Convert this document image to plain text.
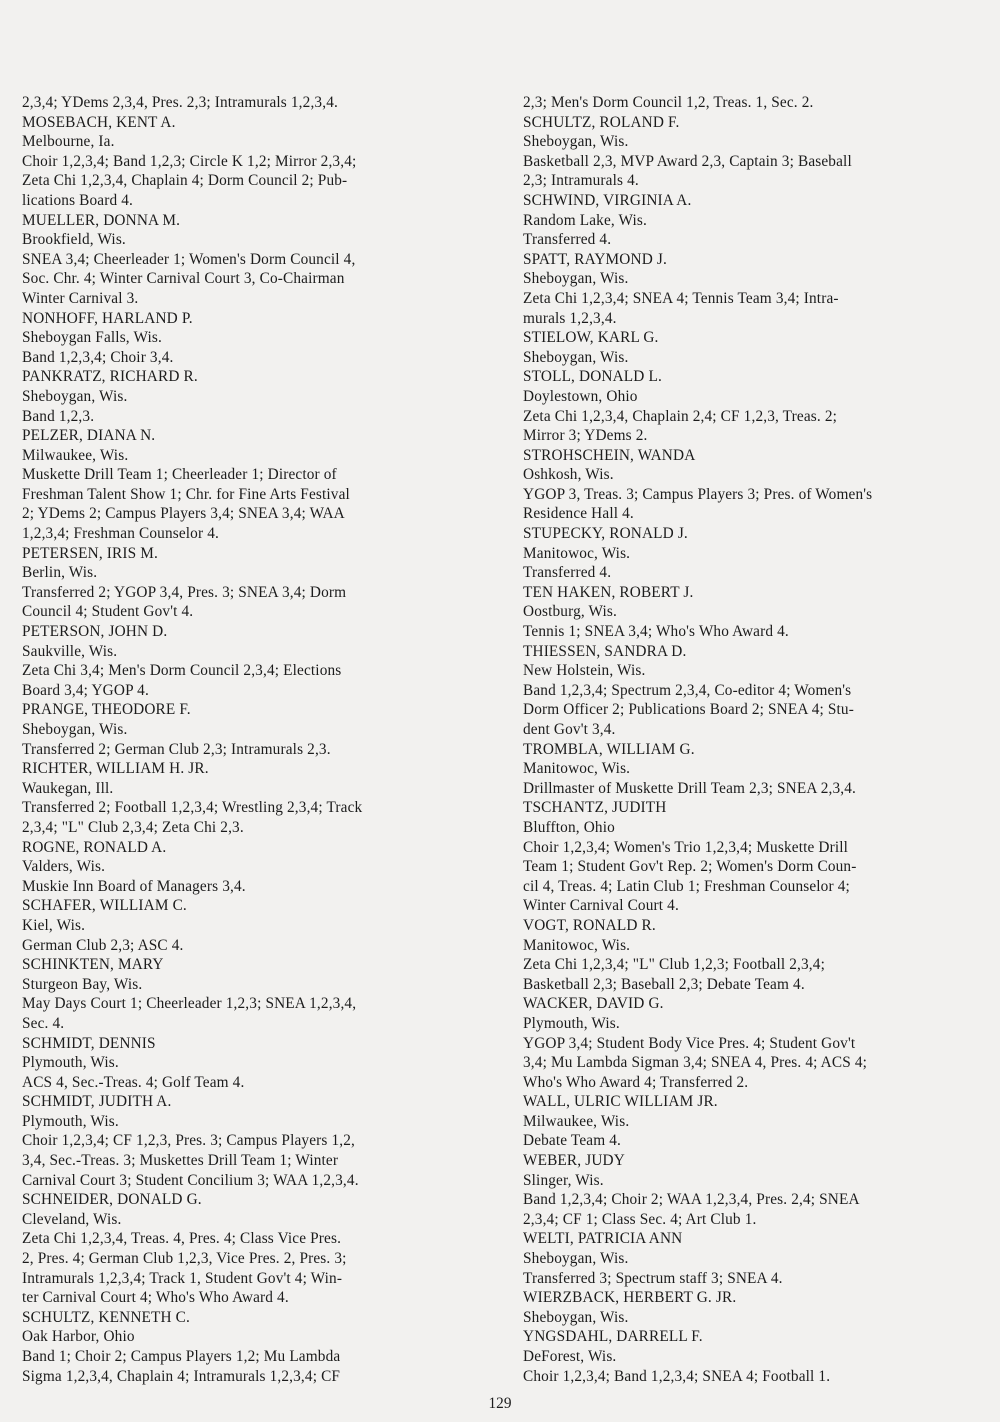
2,3,4; YDems 2,3,4, Pres. 2,3; Intramurals 1,2,3,4.
MOSEBACH, KENT A.
Melbourne, Ia.
Choir 1,2,3,4; Band 1,2,3; Circle K 1,2; Mirror 2,3,4;
Zeta Chi 1,2,3,4, Chaplain 4; Dorm Council 2; Pub-
lications Board 4.
MUELLER, DONNA M.
Brookfield, Wis.
SNEA 3,4; Cheerleader 1; Women's Dorm Council 4,
Soc. Chr. 4; Winter Carnival Court 3, Co-Chairman
Winter Carnival 3.
NONHOFF, HARLAND P.
Sheboygan Falls, Wis.
Band 1,2,3,4; Choir 3,4.
PANKRATZ, RICHARD R.
Sheboygan, Wis.
Band 1,2,3.
PELZER, DIANA N.
Milwaukee, Wis.
Muskette Drill Team 1; Cheerleader 1; Director of
Freshman Talent Show 1; Chr. for Fine Arts Festival
2; YDems 2; Campus Players 3,4; SNEA 3,4; WAA
1,2,3,4; Freshman Counselor 4.
PETERSEN, IRIS M.
Berlin, Wis.
Transferred 2; YGOP 3,4, Pres. 3; SNEA 3,4; Dorm
Council 4; Student Gov't 4.
PETERSON, JOHN D.
Saukville, Wis.
Zeta Chi 3,4; Men's Dorm Council 2,3,4; Elections
Board 3,4; YGOP 4.
PRANGE, THEODORE F.
Sheboygan, Wis.
Transferred 2; German Club 2,3; Intramurals 2,3.
RICHTER, WILLIAM H. JR.
Waukegan, Ill.
Transferred 2; Football 1,2,3,4; Wrestling 2,3,4; Track
2,3,4; "L" Club 2,3,4; Zeta Chi 2,3.
ROGNE, RONALD A.
Valders, Wis.
Muskie Inn Board of Managers 3,4.
SCHAFER, WILLIAM C.
Kiel, Wis.
German Club 2,3; ASC 4.
SCHINKTEN, MARY
Sturgeon Bay, Wis.
May Days Court 1; Cheerleader 1,2,3; SNEA 1,2,3,4,
Sec. 4.
SCHMIDT, DENNIS
Plymouth, Wis.
ACS 4, Sec.-Treas. 4; Golf Team 4.
SCHMIDT, JUDITH A.
Plymouth, Wis.
Choir 1,2,3,4; CF 1,2,3, Pres. 3; Campus Players 1,2,
3,4, Sec.-Treas. 3; Muskettes Drill Team 1; Winter
Carnival Court 3; Student Concilium 3; WAA 1,2,3,4.
SCHNEIDER, DONALD G.
Cleveland, Wis.
Zeta Chi 1,2,3,4, Treas. 4, Pres. 4; Class Vice Pres.
2, Pres. 4; German Club 1,2,3, Vice Pres. 2, Pres. 3;
Intramurals 1,2,3,4; Track 1, Student Gov't 4; Win-
ter Carnival Court 4; Who's Who Award 4.
SCHULTZ, KENNETH C.
Oak Harbor, Ohio
Band 1; Choir 2; Campus Players 1,2; Mu Lambda
Sigma 1,2,3,4, Chaplain 4; Intramurals 1,2,3,4; CF
2,3; Men's Dorm Council 1,2, Treas. 1, Sec. 2.
SCHULTZ, ROLAND F.
Sheboygan, Wis.
Basketball 2,3, MVP Award 2,3, Captain 3; Baseball
2,3; Intramurals 4.
SCHWIND, VIRGINIA A.
Random Lake, Wis.
Transferred 4.
SPATT, RAYMOND J.
Sheboygan, Wis.
Zeta Chi 1,2,3,4; SNEA 4; Tennis Team 3,4; Intra-
murals 1,2,3,4.
STIELOW, KARL G.
Sheboygan, Wis.
STOLL, DONALD L.
Doylestown, Ohio
Zeta Chi 1,2,3,4, Chaplain 2,4; CF 1,2,3, Treas. 2;
Mirror 3; YDems 2.
STROHSCHEIN, WANDA
Oshkosh, Wis.
YGOP 3, Treas. 3; Campus Players 3; Pres. of Women's
Residence Hall 4.
STUPECKY, RONALD J.
Manitowoc, Wis.
Transferred 4.
TEN HAKEN, ROBERT J.
Oostburg, Wis.
Tennis 1; SNEA 3,4; Who's Who Award 4.
THIESSEN, SANDRA D.
New Holstein, Wis.
Band 1,2,3,4; Spectrum 2,3,4, Co-editor 4; Women's
Dorm Officer 2; Publications Board 2; SNEA 4; Stu-
dent Gov't 3,4.
TROMBLA, WILLIAM G.
Manitowoc, Wis.
Drillmaster of Muskette Drill Team 2,3; SNEA 2,3,4.
TSCHANTZ, JUDITH
Bluffton, Ohio
Choir 1,2,3,4; Women's Trio 1,2,3,4; Muskette Drill
Team 1; Student Gov't Rep. 2; Women's Dorm Coun-
cil 4, Treas. 4; Latin Club 1; Freshman Counselor 4;
Winter Carnival Court 4.
VOGT, RONALD R.
Manitowoc, Wis.
Zeta Chi 1,2,3,4; "L" Club 1,2,3; Football 2,3,4;
Basketball 2,3; Baseball 2,3; Debate Team 4.
WACKER, DAVID G.
Plymouth, Wis.
YGOP 3,4; Student Body Vice Pres. 4; Student Gov't
3,4; Mu Lambda Sigman 3,4; SNEA 4, Pres. 4; ACS 4;
Who's Who Award 4; Transferred 2.
WALL, ULRIC WILLIAM JR.
Milwaukee, Wis.
Debate Team 4.
WEBER, JUDY
Slinger, Wis.
Band 1,2,3,4; Choir 2; WAA 1,2,3,4, Pres. 2,4; SNEA
2,3,4; CF 1; Class Sec. 4; Art Club 1.
WELTI, PATRICIA ANN
Sheboygan, Wis.
Transferred 3; Spectrum staff 3; SNEA 4.
WIERZBACK, HERBERT G. JR.
Sheboygan, Wis.
YNGSDAHL, DARRELL F.
DeForest, Wis.
Choir 1,2,3,4; Band 1,2,3,4; SNEA 4; Football 1.
129
